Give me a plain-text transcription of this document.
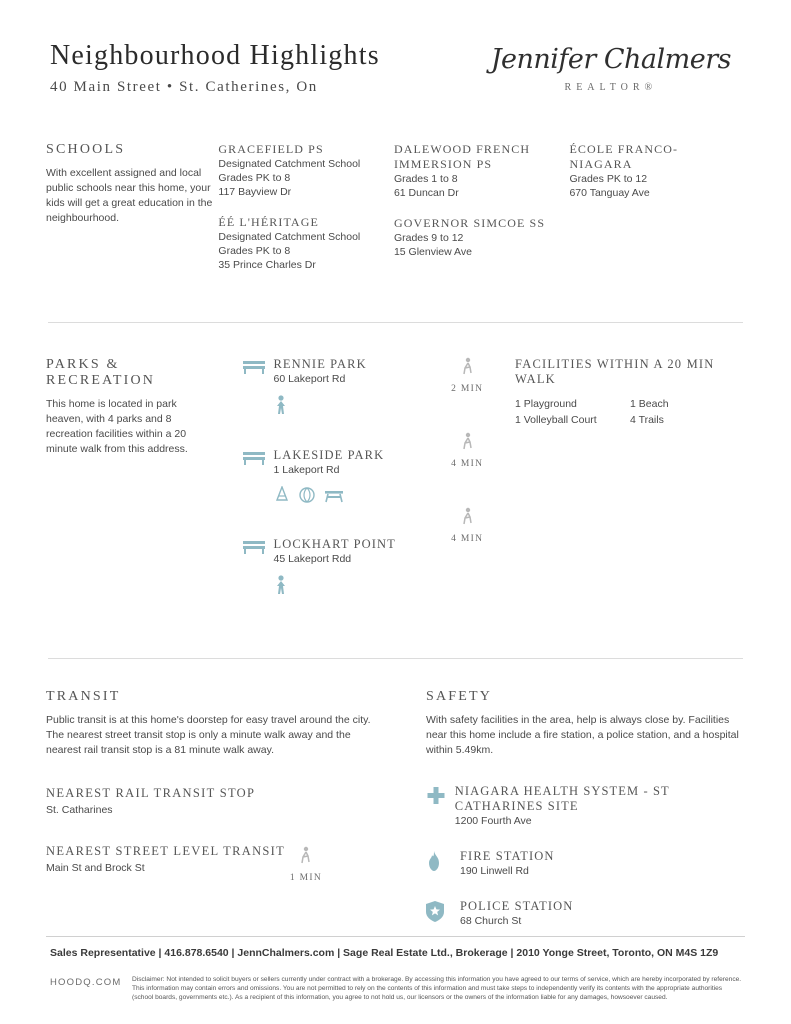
Neighbourhood Highlights
40 Main Street • St. Catherines, On
Jennifer Chalmers
REALTOR®
SCHOOLS
With excellent assigned and local public schools near this home, your kids will get a great education in the neighbourhood.
GRACEFIELD PS
Designated Catchment School
Grades PK to 8
117 Bayview Dr
ÉÉ L'HÉRITAGE
Designated Catchment School
Grades PK to 8
35 Prince Charles Dr
DALEWOOD FRENCH IMMERSION PS
Grades 1 to 8
61 Duncan Dr
GOVERNOR SIMCOE SS
Grades 9 to 12
15 Glenview Ave
ÉCOLE FRANCO-NIAGARA
Grades PK to 12
670 Tanguay Ave
PARKS & RECREATION
This home is located in park heaven, with 4 parks and 8 recreation facilities within a 20 minute walk from this address.
RENNIE PARK
60 Lakeport Rd
LAKESIDE PARK
1 Lakeport Rd
LOCKHART POINT
45 Lakeport Rdd
2 MIN
4 MIN
4 MIN
FACILITIES WITHIN A 20 MIN WALK
1 Playground
1 Volleyball Court
1 Beach
4 Trails
TRANSIT
Public transit is at this home's doorstep for easy travel around the city. The nearest street transit stop is only a minute walk away and the nearest rail transit stop is a 81 minute walk away.
NEAREST RAIL TRANSIT STOP
St. Catharines
NEAREST STREET LEVEL TRANSIT
Main St and Brock St
1 MIN
SAFETY
With safety facilities in the area, help is always close by. Facilities near this home include a fire station, a police station, and a hospital within 5.49km.
NIAGARA HEALTH SYSTEM - ST CATHARINES SITE
1200 Fourth Ave
FIRE STATION
190 Linwell Rd
POLICE STATION
68 Church St
Sales Representative | 416.878.6540 | JennChalmers.com | Sage Real Estate Ltd., Brokerage | 2010 Yonge Street, Toronto, ON M4S 1Z9
HOODQ.COM	Disclaimer: Not intended to solicit buyers or sellers currently under contract with a brokerage. By accessing this information you have agreed to our terms of service, which are hereby incorporated by reference. This information may contain errors and omissions. You are not permitted to rely on the contents of this information and must take steps to independently verify its contents with the appropriate authorities (school boards, governments etc.). As a recipient of this information, you agree to not hold us, our licensors or the owners of the information liable for any damages, howsoever caused.
